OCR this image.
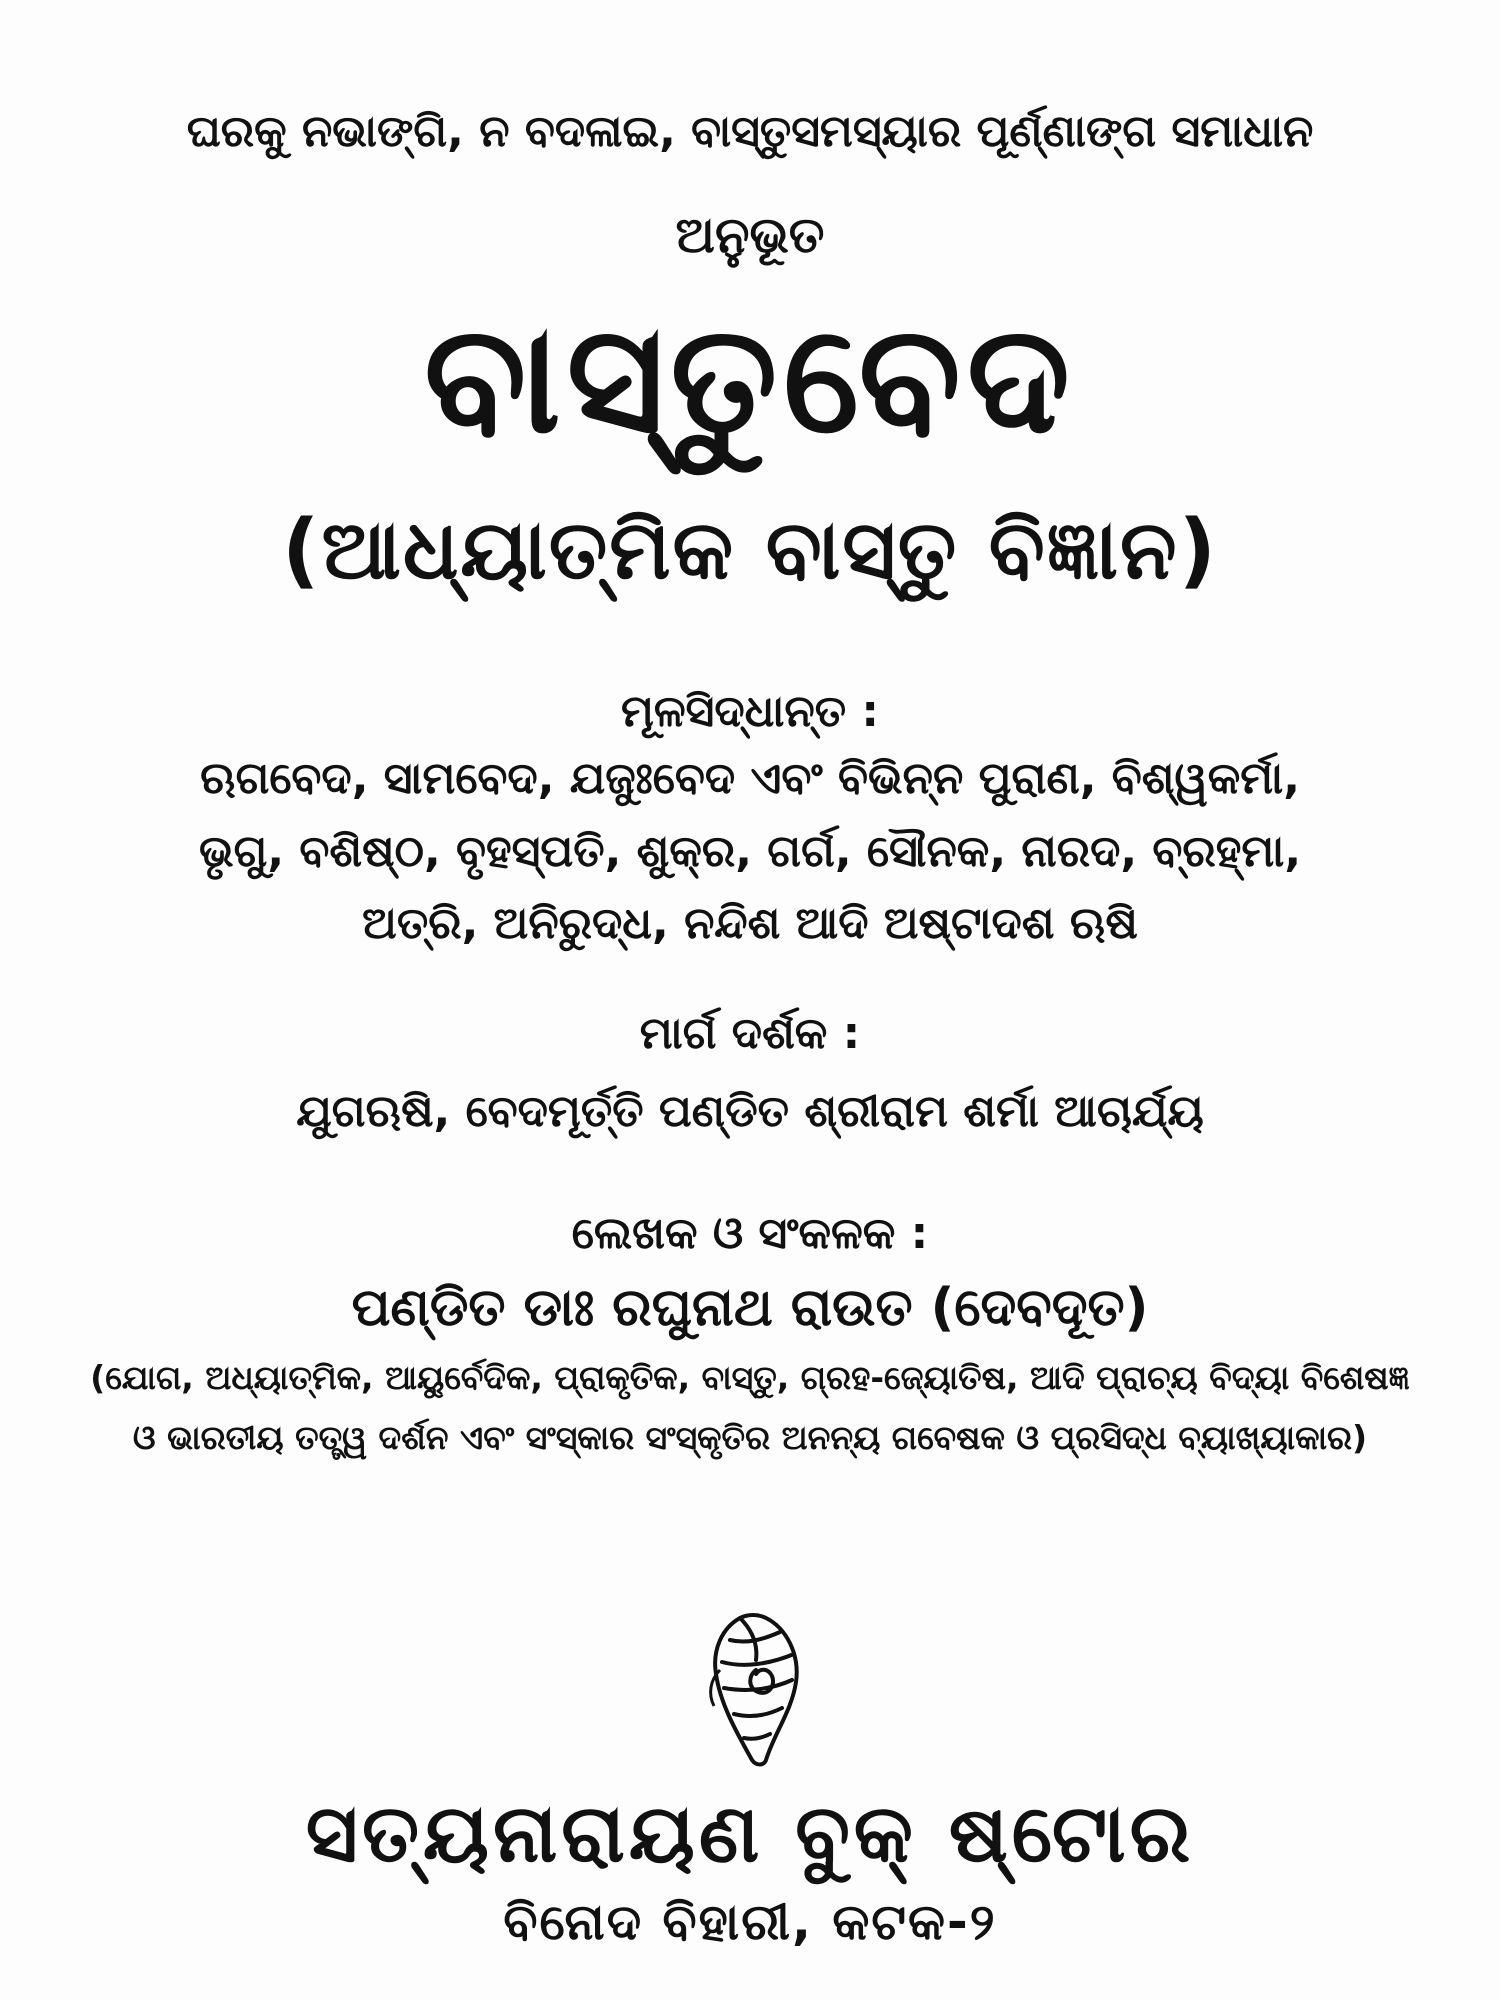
ଘରକୁ ନଭାଙ୍ଗି, ନ ବଦଳାଇ, ବାସ୍ତୁସମସ୍ୟାର ପୂର୍ଣ୍ଣାଙ୍ଗ ସମାଧାନ
ଅନୁଭୂତ
ବାସ୍ତୁବେଦ
(ଆଧ୍ୟାତ୍ମିକ ବାସ୍ତୁ ବିଜ୍ଞାନ)
ମୂଳସିଦ୍ଧାନ୍ତ :
ଋଗବେଦ, ସାମବେଦ, ଯଜୁଃବେଦ ଏବଂ ବିଭିନ୍ନ ପୁରାଣ, ବିଶ୍ୱକର୍ମା,
ଭୃଗୁ, ବଶିଷ୍ଠ, ବୃହସ୍ପତି, ଶୁକ୍ର, ଗର୍ଗ, ସୌନକ, ନାରଦ, ବ୍ରହ୍ମା,
ଅତ୍ରି, ଅନିରୁଦ୍ଧ, ନନ୍ଦିଶ ଆଦି ଅଷ୍ଟାଦଶ ଋଷି
ମାର୍ଗ ଦର୍ଶକ :
ଯୁଗଋଷି, ବେଦମୂର୍ତ୍ତି ପଣ୍ଡିତ ଶ୍ରୀରାମ ଶର୍ମା ଆଚାର୍ଯ୍ୟ
ଲେଖକ ଓ ସଂକଳକ :
ପଣ୍ଡିତ ଡାଃ ରଘୁନାଥ ରାଉତ (ଦେବଦୂତ)
(ଯୋଗ, ଅଧ୍ୟାତ୍ମିକ, ଆୟୁର୍ବେଦିକ, ପ୍ରାକୃତିକ, ବାସ୍ତୁ, ଗ୍ରହ-ଜ୍ୟୋତିଷ, ଆଦି ପ୍ରାଚ୍ୟ ବିଦ୍ୟା ବିଶେଷଜ୍ଞ
ଓ ଭାରତୀୟ ତତ୍ତ୍ୱ ଦର୍ଶନ ଏବଂ ସଂସ୍କାର ସଂସ୍କୃତିର ଅନନ୍ୟ ଗବେଷକ ଓ ପ୍ରସିଦ୍ଧ ବ୍ୟାଖ୍ୟାକାର)
ସତ୍ୟନାରାୟଣ ବୁକ୍ ଷ୍ଟୋର
ବିନୋଦ ବିହାରୀ, କଟକ-୨
